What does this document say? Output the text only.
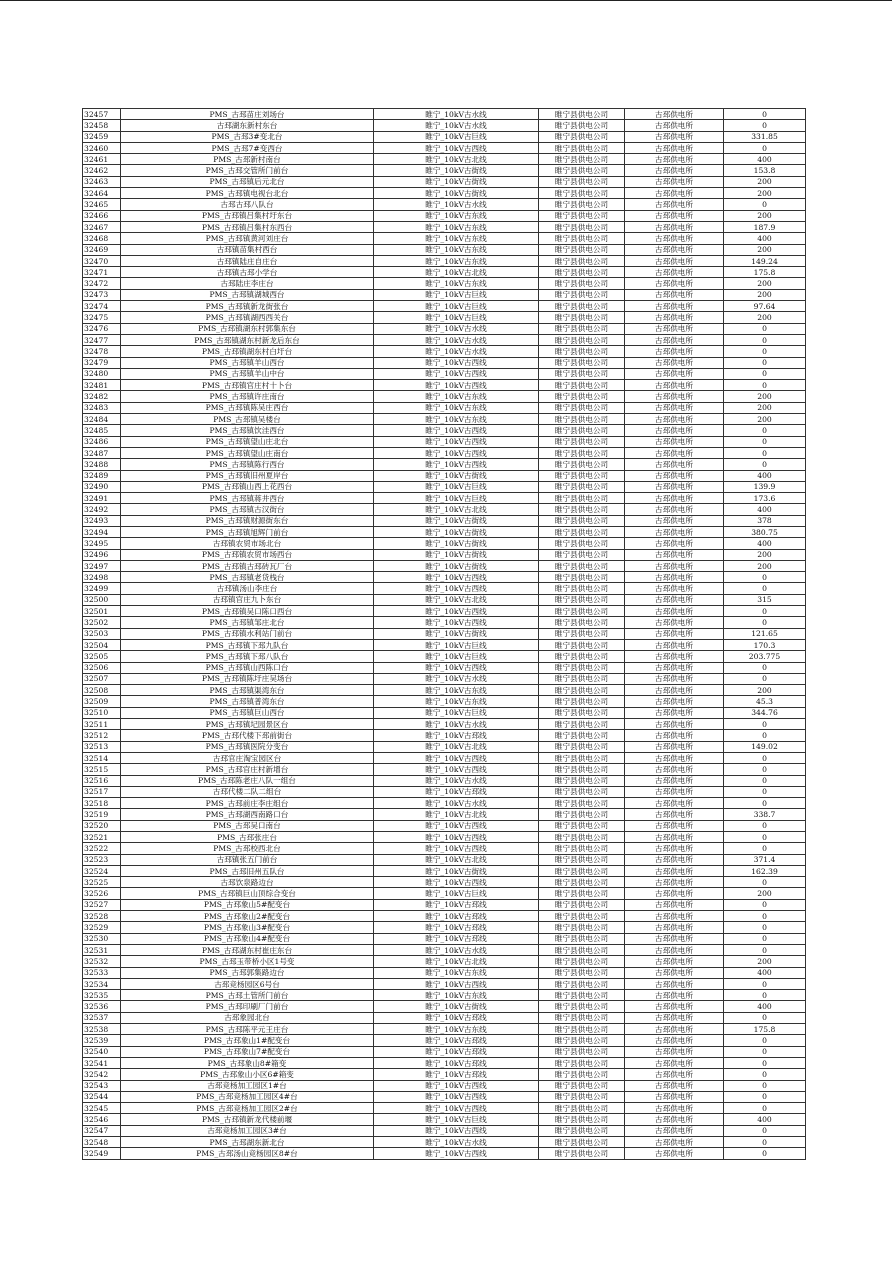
32457	PMS_古邳苗庄刘场台	睢宁_10kV古水线	睢宁县供电公司	古邳供电所	0
32458	古邳湖东新村东台	睢宁_10kV古水线	睢宁县供电公司	古邳供电所	0
32459	PMS_古邳3#变北台	睢宁_10kV古巨线	睢宁县供电公司	古邳供电所	331.85
32460	PMS_古邳7#变西台	睢宁_10kV古西线	睢宁县供电公司	古邳供电所	0
32461	PMS_古邳新村南台	睢宁_10kV古北线	睢宁县供电公司	古邳供电所	400
32462	PMS_古邳交管所门前台	睢宁_10kV古街线	睢宁县供电公司	古邳供电所	153.8
32463	PMS_古邳镇后元北台	睢宁_10kV古街线	睢宁县供电公司	古邳供电所	200
32464	PMS_古邳镇电视台北台	睢宁_10kV古街线	睢宁县供电公司	古邳供电所	200
32465	古邳古邳八队台	睢宁_10kV古水线	睢宁县供电公司	古邳供电所	0
32466	PMS_古邳镇吕集村圩东台	睢宁_10kV古东线	睢宁县供电公司	古邳供电所	200
32467	PMS_古邳镇吕集村东西台	睢宁_10kV古东线	睢宁县供电公司	古邳供电所	187.9
32468	PMS_古邳镇黄河刘庄台	睢宁_10kV古东线	睢宁县供电公司	古邳供电所	400
32469	古邳镇苗集村西台	睢宁_10kV古东线	睢宁县供电公司	古邳供电所	200
32470	古邳镇陆庄自庄台	睢宁_10kV古东线	睢宁县供电公司	古邳供电所	149.24
32471	古邳镇古邳小学台	睢宁_10kV古北线	睢宁县供电公司	古邳供电所	175.8
32472	古邳陆庄李庄台	睢宁_10kV古东线	睢宁县供电公司	古邳供电所	200
32473	PMS_古邳镇湖城西台	睢宁_10kV古巨线	睢宁县供电公司	古邳供电所	200
32474	PMS_古邳镇新龙街张台	睢宁_10kV古巨线	睢宁县供电公司	古邳供电所	97.64
32475	PMS_古邳镇湖西西关台	睢宁_10kV古巨线	睢宁县供电公司	古邳供电所	200
32476	PMS_古邳镇湖东村郭集东台	睢宁_10kV古水线	睢宁县供电公司	古邳供电所	0
32477	PMS_古邳镇湖东村新龙后东台	睢宁_10kV古水线	睢宁县供电公司	古邳供电所	0
32478	PMS_古邳镇湖东村白圩台	睢宁_10kV古水线	睢宁县供电公司	古邳供电所	0
32479	PMS_古邳镇羊山西台	睢宁_10kV古西线	睢宁县供电公司	古邳供电所	0
32480	PMS_古邳镇羊山中台	睢宁_10kV古西线	睢宁县供电公司	古邳供电所	0
32481	PMS_古邳镇官庄村十卜台	睢宁_10kV古西线	睢宁县供电公司	古邳供电所	0
32482	PMS_古邳镇许庄南台	睢宁_10kV古东线	睢宁县供电公司	古邳供电所	200
32483	PMS_古邳镇陈吴庄西台	睢宁_10kV古东线	睢宁县供电公司	古邳供电所	200
32484	PMS_古邳镇吴楼台	睢宁_10kV古东线	睢宁县供电公司	古邳供电所	200
32485	PMS_古邳镇饮洼西台	睢宁_10kV古西线	睢宁县供电公司	古邳供电所	0
32486	PMS_古邳镇望山庄北台	睢宁_10kV古西线	睢宁县供电公司	古邳供电所	0
32487	PMS_古邳镇望山庄南台	睢宁_10kV古西线	睢宁县供电公司	古邳供电所	0
32488	PMS_古邳镇陈行西台	睢宁_10kV古西线	睢宁县供电公司	古邳供电所	0
32489	PMS_古邳镇旧州夏岸台	睢宁_10kV古街线	睢宁县供电公司	古邳供电所	400
32490	PMS_古邳镇山西上花西台	睢宁_10kV古巨线	睢宁县供电公司	古邳供电所	139.9
32491	PMS_古邳镇蒋井西台	睢宁_10kV古巨线	睢宁县供电公司	古邳供电所	173.6
32492	PMS_古邳镇古汉街台	睢宁_10kV古北线	睢宁县供电公司	古邳供电所	400
32493	PMS_古邳镇财源街东台	睢宁_10kV古街线	睢宁县供电公司	古邳供电所	378
32494	PMS_古邳镇旭辉门前台	睢宁_10kV古街线	睢宁县供电公司	古邳供电所	380.75
32495	古邳镇农贸市场北台	睢宁_10kV古街线	睢宁县供电公司	古邳供电所	400
32496	PMS_古邳镇农贸市场西台	睢宁_10kV古街线	睢宁县供电公司	古邳供电所	200
32497	PMS_古邳镇古邳砖瓦厂台	睢宁_10kV古街线	睢宁县供电公司	古邳供电所	200
32498	PMS_古邳镇老货栈台	睢宁_10kV古西线	睢宁县供电公司	古邳供电所	0
32499	古邳镇汤山李庄台	睢宁_10kV古西线	睢宁县供电公司	古邳供电所	0
32500	古邳镇官庄九卜东台	睢宁_10kV古北线	睢宁县供电公司	古邳供电所	315
32501	PMS_古邳镇吴口陈口西台	睢宁_10kV古西线	睢宁县供电公司	古邳供电所	0
32502	PMS_古邳镇邹庄北台	睢宁_10kV古西线	睢宁县供电公司	古邳供电所	0
32503	PMS_古邳镇水利站门前台	睢宁_10kV古街线	睢宁县供电公司	古邳供电所	121.65
32504	PMS_古邳镇下邳九队台	睢宁_10kV古巨线	睢宁县供电公司	古邳供电所	170.3
32505	PMS_古邳镇下邳八队台	睢宁_10kV古巨线	睢宁县供电公司	古邳供电所	203.775
32506	PMS_古邳镇山西陈口台	睢宁_10kV古西线	睢宁县供电公司	古邳供电所	0
32507	PMS_古邳镇陈圩庄吴场台	睢宁_10kV古水线	睢宁县供电公司	古邳供电所	0
32508	PMS_古邳镇渠湾东台	睢宁_10kV古东线	睢宁县供电公司	古邳供电所	200
32509	PMS_古邳镇普湾东台	睢宁_10kV古东线	睢宁县供电公司	古邳供电所	45.3
32510	PMS_古邳镇巨山西台	睢宁_10kV古巨线	睢宁县供电公司	古邳供电所	344.76
32511	PMS_古邳镇圮园景区台	睢宁_10kV古水线	睢宁县供电公司	古邳供电所	0
32512	PMS_古邳代楼下邳前街台	睢宁_10kV古邳线	睢宁县供电公司	古邳供电所	0
32513	PMS_古邳镇医院分变台	睢宁_10kV古北线	睢宁县供电公司	古邳供电所	149.02
32514	古邳官庄淘宝园区台	睢宁_10kV古西线	睢宁县供电公司	古邳供电所	0
32515	PMS_古邳官庄村新增台	睢宁_10kV古西线	睢宁县供电公司	古邳供电所	0
32516	PMS_古邳陈老庄八队一组台	睢宁_10kV古水线	睢宁县供电公司	古邳供电所	0
32517	古邳代楼二队二组台	睢宁_10kV古邳线	睢宁县供电公司	古邳供电所	0
32518	PMS_古邳前庄李庄组台	睢宁_10kV古水线	睢宁县供电公司	古邳供电所	0
32519	PMS_古邳湖西南路口台	睢宁_10kV古北线	睢宁县供电公司	古邳供电所	338.7
32520	PMS_古邳吴口南台	睢宁_10kV古西线	睢宁县供电公司	古邳供电所	0
32521	PMS_古邳张庄台	睢宁_10kV古西线	睢宁县供电公司	古邳供电所	0
32522	PMS_古邳校西北台	睢宁_10kV古西线	睢宁县供电公司	古邳供电所	0
32523	古邳镇张五门前台	睢宁_10kV古北线	睢宁县供电公司	古邳供电所	371.4
32524	PMS_古邳旧州五队台	睢宁_10kV古街线	睢宁县供电公司	古邳供电所	162.39
32525	古邳饮泉路边台	睢宁_10kV古西线	睢宁县供电公司	古邳供电所	0
32526	PMS_古邳镇巨山顶综合变台	睢宁_10kV古巨线	睢宁县供电公司	古邳供电所	200
32527	PMS_古邳象山5#配变台	睢宁_10kV古邳线	睢宁县供电公司	古邳供电所	0
32528	PMS_古邳象山2#配变台	睢宁_10kV古邳线	睢宁县供电公司	古邳供电所	0
32529	PMS_古邳象山3#配变台	睢宁_10kV古邳线	睢宁县供电公司	古邳供电所	0
32530	PMS_古邳象山4#配变台	睢宁_10kV古邳线	睢宁县供电公司	古邳供电所	0
32531	PMS_古邳湖东村崔庄东台	睢宁_10kV古水线	睢宁县供电公司	古邳供电所	0
32532	PMS_古邳玉带桥小区1号变	睢宁_10kV古北线	睢宁县供电公司	古邳供电所	200
32533	PMS_古邳郭集路边台	睢宁_10kV古东线	睢宁县供电公司	古邳供电所	400
32534	古邳竞杨园区6号台	睢宁_10kV古西线	睢宁县供电公司	古邳供电所	0
32535	PMS_古邳土管所门前台	睢宁_10kV古东线	睢宁县供电公司	古邳供电所	0
32536	PMS_古邳印刷厂门前台	睢宁_10kV古街线	睢宁县供电公司	古邳供电所	400
32537	古邳象园北台	睢宁_10kV古邳线	睢宁县供电公司	古邳供电所	0
32538	PMS_古邳陈平元王庄台	睢宁_10kV古东线	睢宁县供电公司	古邳供电所	175.8
32539	PMS_古邳象山1#配变台	睢宁_10kV古邳线	睢宁县供电公司	古邳供电所	0
32540	PMS_古邳象山7#配变台	睢宁_10kV古邳线	睢宁县供电公司	古邳供电所	0
32541	PMS_古邳象山8#箱变	睢宁_10kV古邳线	睢宁县供电公司	古邳供电所	0
32542	PMS_古邳象山小区6#箱变	睢宁_10kV古邳线	睢宁县供电公司	古邳供电所	0
32543	古邳竞杨加工园区1#台	睢宁_10kV古西线	睢宁县供电公司	古邳供电所	0
32544	PMS_古邳竞杨加工园区4#台	睢宁_10kV古西线	睢宁县供电公司	古邳供电所	0
32545	PMS_古邳竞杨加工园区2#台	睢宁_10kV古西线	睢宁县供电公司	古邳供电所	0
32546	PMS_古邳镇新龙代楼前堰	睢宁_10kV古巨线	睢宁县供电公司	古邳供电所	400
32547	古邳竞杨加工园区3#台	睢宁_10kV古西线	睢宁县供电公司	古邳供电所	0
32548	PMS_古邳湖东新北台	睢宁_10kV古水线	睢宁县供电公司	古邳供电所	0
32549	PMS_古邳汤山竞杨园区8#台	睢宁_10kV古西线	睢宁县供电公司	古邳供电所	0
